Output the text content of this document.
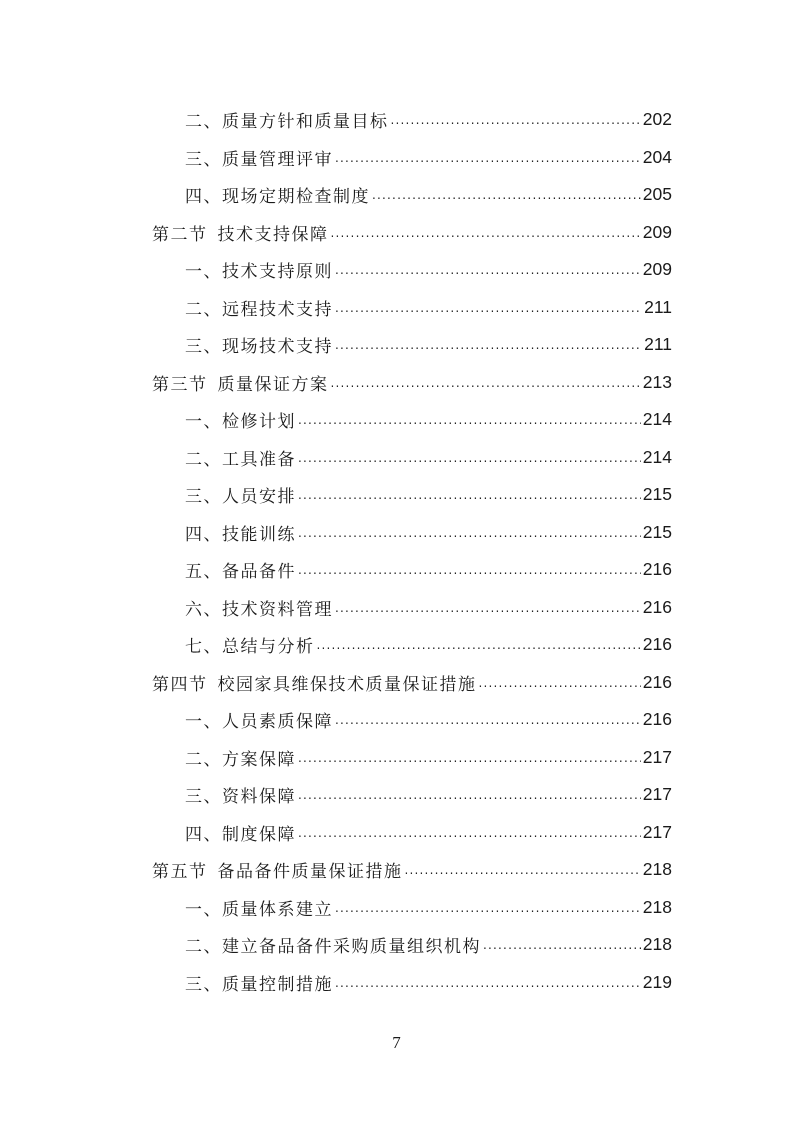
二、质量方针和质量目标 .....	202
三、质量管理评审 .....	204
四、现场定期检查制度 .....	205
第二节 技术支持保障 .....	209
一、技术支持原则 .....	209
二、远程技术支持 .....	211
三、现场技术支持 .....	211
第三节 质量保证方案 .....	213
一、检修计划 .....	214
二、工具准备 .....	214
三、人员安排 .....	215
四、技能训练 .....	215
五、备品备件 .....	216
六、技术资料管理 .....	216
七、总结与分析 .....	216
第四节 校园家具维保技术质量保证措施 .....	216
一、人员素质保障 .....	216
二、方案保障 .....	217
三、资料保障 .....	217
四、制度保障 .....	217
第五节 备品备件质量保证措施 .....	218
一、质量体系建立 .....	218
二、建立备品备件采购质量组织机构 .....	218
三、质量控制措施 .....	219
7
